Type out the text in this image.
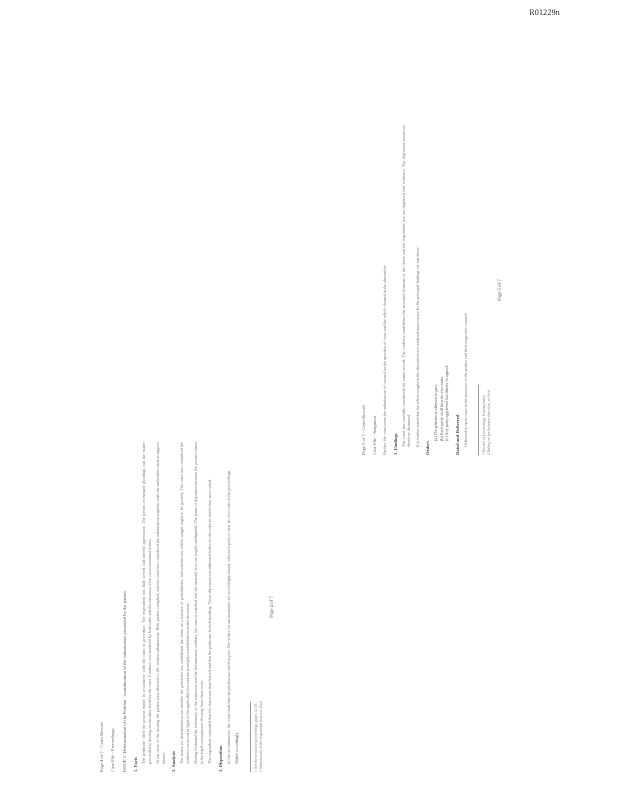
R01229n
Page 4 of 7 - Court Record	Case File - Proceedings	ISSUE 1: Determination of the Petition - consideration of the submissions presented by the parties. 1. Facts

The petitioner filed the present matter in accordance with the rules of procedure. The respondent was duly served and entered appearance. The parties exchanged pleadings and the matter proceeded to hearing on the dates fixed by the court. Evidence was tendered by both sides and the witnesses were cross-examined in turn. At the close of the hearing the parties were directed to file written submissions. Both parties complied, and the court has considered the submissions together with the authorities cited in support thereof. 2. Analysis The issues for determination are whether the petitioner has established the claim on a balance of probabilities, and whether the reliefs sought ought to be granted. The court has considered the evidence on record in light of the applicable law and the principles established in earlier decisions. Having evaluated the testimony of the witnesses and the documentary exhibits, the court is satisfied that the material facts are largely undisputed. The point of departure between the parties relates to the legal consequences flowing from those facts. The respondent contended that the claim was time-barred and that the petitioner lacked standing. These objections are addressed below in the order in which they were raised. 3. Disposition In the circumstances, the court finds that the petition has merit in part. The orders set out hereunder are accordingly issued, with each party to bear its own costs of the proceedings. Orders accordingly.	1 See the record of proceedings, pages 12-18. 2 Submissions of the respondent dated as filed.
Page 4 of 7
Page 5 of 7 - Court Record	Case File - Judgment	Further, the court notes the submissions of counsel on the question of costs and the reliefs claimed in the alternative. 1. Findings The court has carefully considered the entire record. The evidence establishes the essential elements of the claim and the respondent has not displaced that evidence. The objections raised are therefore dismissed. It is further noted that the reliefs sought in the alternative are rendered unnecessary by the principal findings set out above.

Orders
(a) The petition is allowed in part. (b) Each party shall bear its own costs. (c) Any party aggrieved has liberty to appeal. Dated and Delivered Delivered in open court in the presence of the parties and their respective counsel.	3 Record of proceedings, hearing notes. 4 Ruling on preliminary objection, as filed.
Page 5 of 7
